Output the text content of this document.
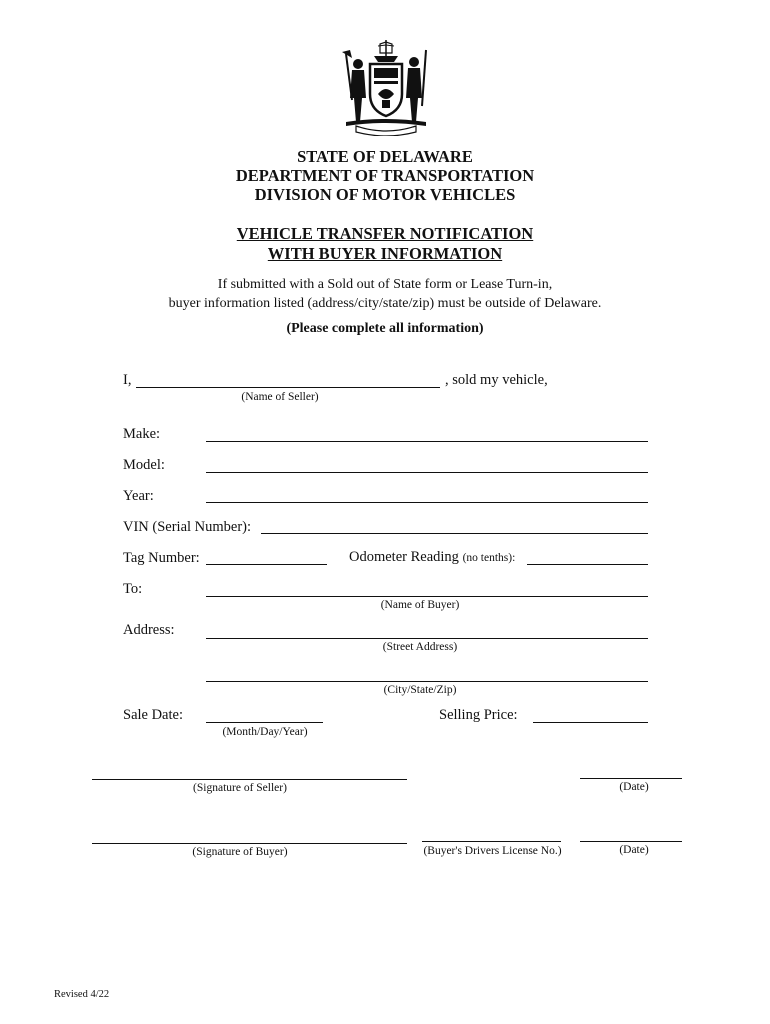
STATE OF DELAWARE
DEPARTMENT OF TRANSPORTATION
DIVISION OF MOTOR VEHICLES
VEHICLE TRANSFER NOTIFICATION
WITH BUYER INFORMATION
If submitted with a Sold out of State form or Lease Turn-in,
buyer information listed (address/city/state/zip) must be outside of Delaware.
(Please complete all information)
I,	, sold my vehicle,
(Name of Seller)
Make:
Model:
Year:
VIN (Serial Number):
Tag Number:	Odometer Reading (no tenths):
To:
(Name of Buyer)
Address:
(Street Address)
(City/State/Zip)
Sale Date:
(Month/Day/Year)
Selling Price:
(Signature of Seller)	(Date)
(Signature of Buyer)	(Buyer's Drivers License No.)	(Date)
Revised 4/22
